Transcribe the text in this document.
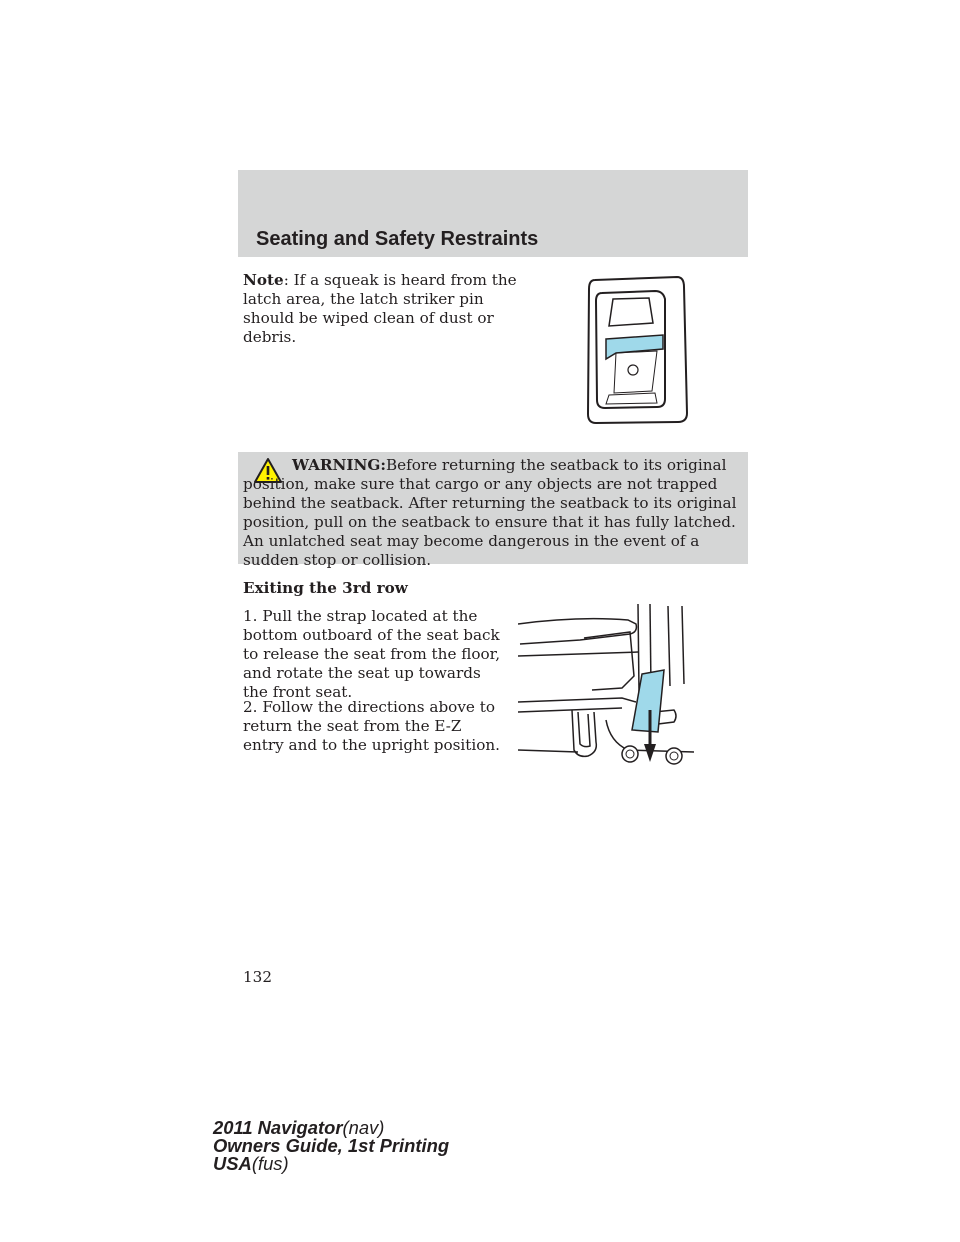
Seating and Safety Restraints

Note: If a squeak is heard from the latch area, the latch striker pin should be wiped clean of dust or debris.

WARNING:Before returning the seatback to its original position, make sure that cargo or any objects are not trapped behind the seatback. After returning the seatback to its original position, pull on the seatback to ensure that it has fully latched. An unlatched seat may become dangerous in the event of a sudden stop or collision.
Exiting the 3rd row
1. Pull the strap located at the bottom outboard of the seat back to release the seat from the floor, and rotate the seat up towards the front seat.
2. Follow the directions above to return the seat from the E-Z entry and to the upright position.
132
2011 Navigator(nav)
Owners Guide, 1st Printing
USA(fus)
